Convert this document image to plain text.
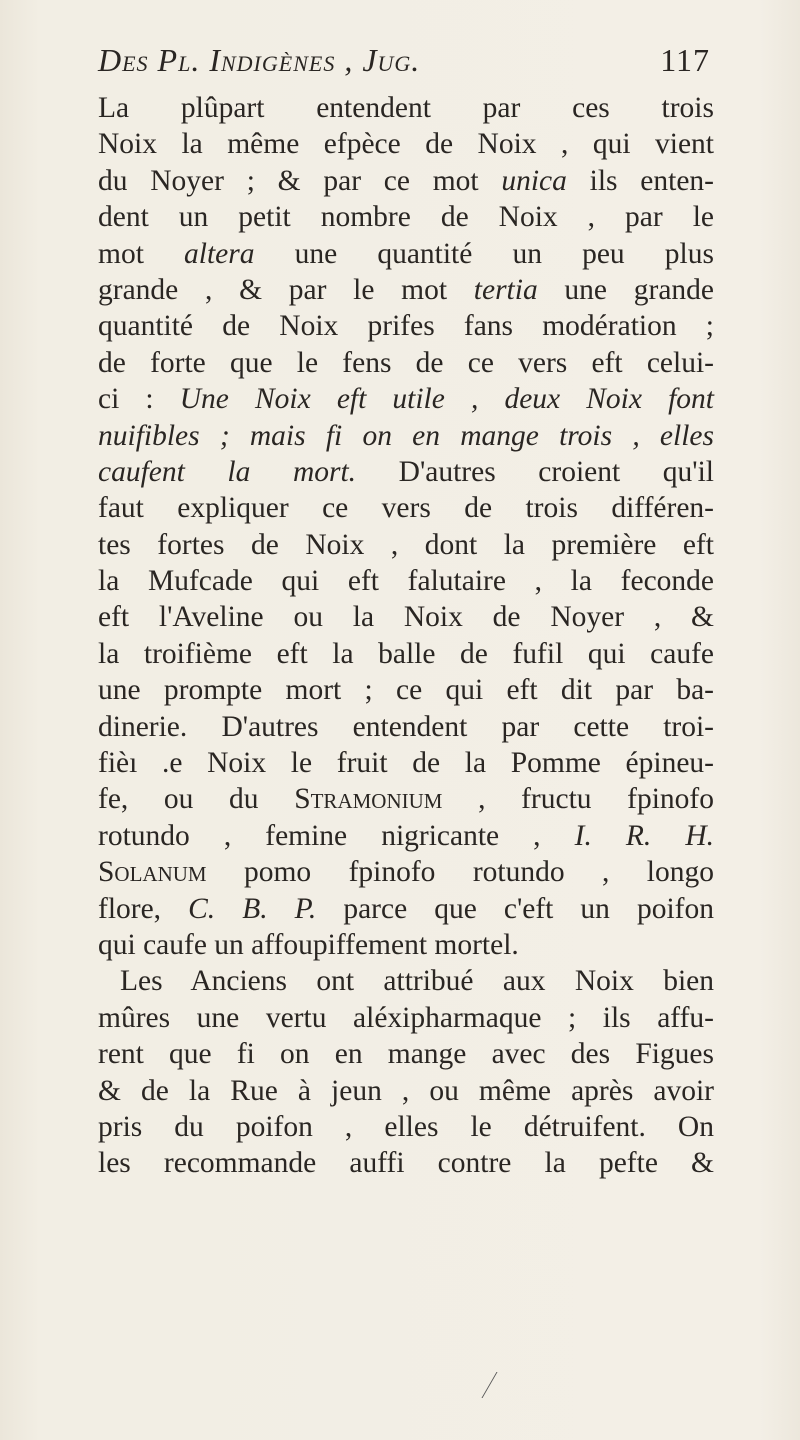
Des Pl. Indigènes , Jug.	117
La plûpart entendent par ces trois
Noix la même efpèce de Noix , qui vient
du Noyer ; & par ce mot unica ils enten-
dent un petit nombre de Noix , par le
mot altera une quantité un peu plus
grande , & par le mot tertia une grande
quantité de Noix prifes fans modération ;
de forte que le fens de ce vers eft celui-
ci : Une Noix eft utile , deux Noix font
nuifibles ; mais fi on en mange trois , elles
caufent la mort. D'autres croient qu'il
faut expliquer ce vers de trois différen-
tes fortes de Noix , dont la première eft
la Mufcade qui eft falutaire , la feconde
eft l'Aveline ou la Noix de Noyer , &
la troifième eft la balle de fufil qui caufe
une prompte mort ; ce qui eft dit par ba-
dinerie. D'autres entendent par cette troi-
fièı .e Noix le fruit de la Pomme épineu-
fe, ou du Stramonium , fructu fpinofo
rotundo , femine nigricante , I. R. H.
Solanum pomo fpinofo rotundo , longo
flore, C. B. P. parce que c'eft un poifon
qui caufe un affoupiffement mortel.
Les Anciens ont attribué aux Noix bien
mûres une vertu aléxipharmaque ; ils affu-
rent que fi on en mange avec des Figues
& de la Rue à jeun , ou même après avoir
pris du poifon , elles le détruifent. On
les recommande auffi contre la pefte &
